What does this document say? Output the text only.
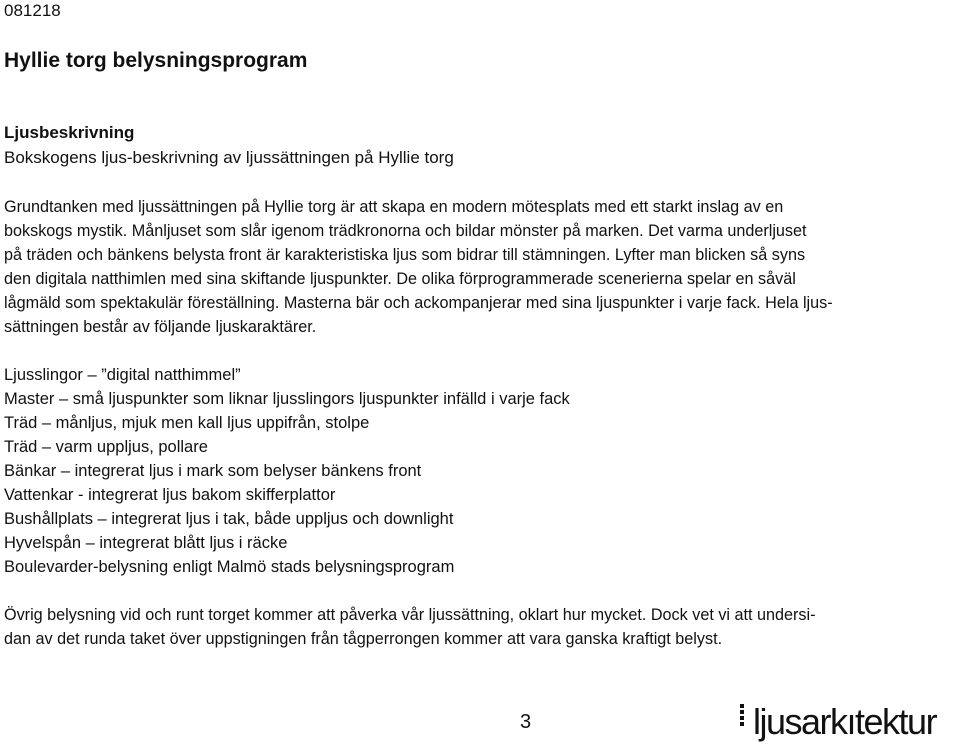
081218
Hyllie torg belysningsprogram
Ljusbeskrivning
Bokskogens ljus-beskrivning av ljussättningen på Hyllie torg
Grundtanken med ljussättningen på Hyllie torg är att skapa en modern mötesplats med ett starkt inslag av en
bokskogs mystik. Månljuset som slår igenom trädkronorna och bildar mönster på marken. Det varma underljuset
på träden och bänkens belysta front är karakteristiska ljus som bidrar till stämningen. Lyfter man blicken så syns
den digitala natthimlen med sina skiftande ljuspunkter. De olika förprogrammerade scenerierna spelar en såväl
lågmäld som spektakulär föreställning. Masterna bär och ackompanjerar med sina ljuspunkter i varje fack. Hela ljus-
sättningen består av följande ljuskaraktärer.
Ljusslingor – ”digital natthimmel”
Master – små ljuspunkter som liknar ljusslingors ljuspunkter infälld i varje fack
Träd – månljus, mjuk men kall ljus uppifrån, stolpe
Träd – varm uppljus, pollare
Bänkar – integrerat ljus i mark som belyser bänkens front
Vattenkar - integrerat ljus bakom skifferplattor
Bushållplats – integrerat ljus i tak, både uppljus och downlight
Hyvelspån – integrerat blått ljus i räcke
Boulevarder-belysning enligt Malmö stads belysningsprogram
Övrig belysning vid och runt torget kommer att påverka vår ljussättning, oklart hur mycket. Dock vet vi att undersi-
dan av det runda taket över uppstigningen från tågperrongen kommer att vara ganska kraftigt belyst.
3	ljusarkıtektur
